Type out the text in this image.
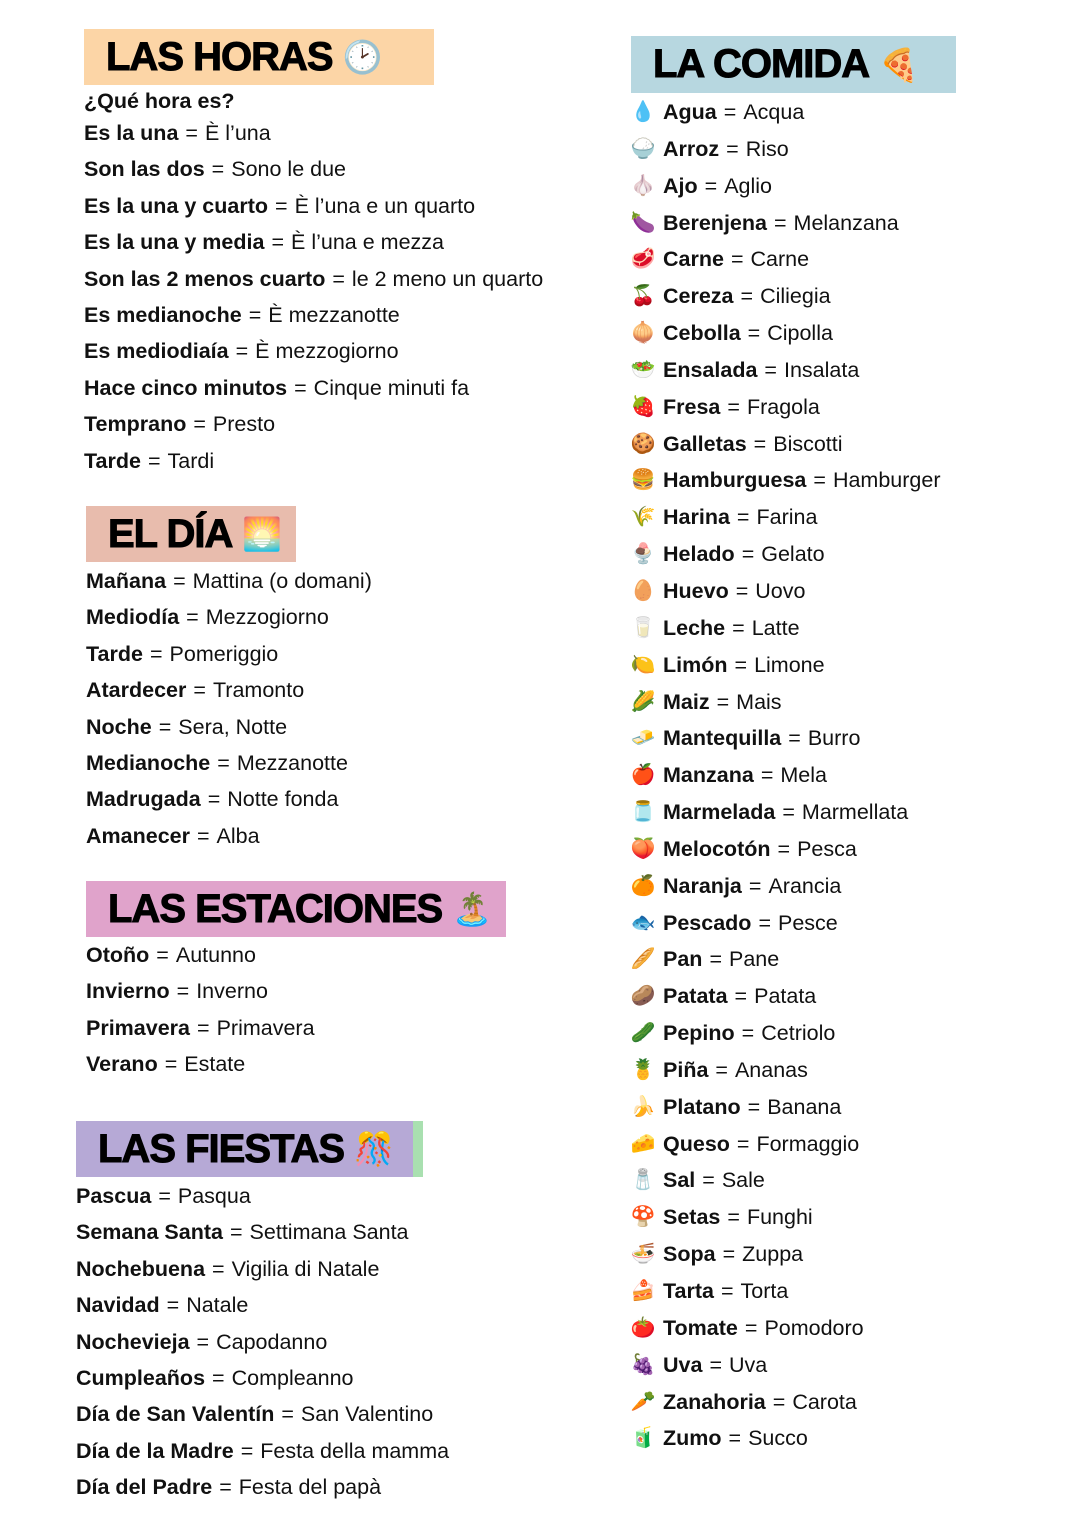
LAS HORAS 🕑
¿Qué hora es?
Es la una = È l’una
Son las dos = Sono le due
Es la una y cuarto = È l’una e un quarto
Es la una y media = È l’una e mezza
Son las 2 menos cuarto = le 2 meno un quarto
Es medianoche = È mezzanotte
Es mediodiaía = È mezzogiorno
Hace cinco minutos = Cinque minuti fa
Temprano = Presto
Tarde = Tardi
EL DÍA 🌅
Mañana = Mattina (o domani)
Mediodía = Mezzogiorno
Tarde = Pomeriggio
Atardecer = Tramonto
Noche = Sera, Notte
Medianoche = Mezzanotte
Madrugada = Notte fonda
Amanecer = Alba
LAS ESTACIONES 🏝️
Otoño = Autunno
Invierno = Inverno
Primavera = Primavera
Verano = Estate
LAS FIESTAS 🎊
Pascua = Pasqua
Semana Santa = Settimana Santa
Nochebuena = Vigilia di Natale
Navidad = Natale
Nochevieja = Capodanno
Cumpleaños = Compleanno
Día de San Valentín = San Valentino
Día de la Madre = Festa della mamma
Día del Padre = Festa del papà
LA COMIDA 🍕
💧 Agua = Acqua
🍚 Arroz = Riso
🧄 Ajo = Aglio
🍆 Berenjena = Melanzana
🥩 Carne = Carne
🍒 Cereza = Ciliegia
🧅 Cebolla = Cipolla
🥗 Ensalada = Insalata
🍓 Fresa = Fragola
🍪 Galletas = Biscotti
🍔 Hamburguesa = Hamburger
🌾 Harina = Farina
🍨 Helado = Gelato
🥚 Huevo = Uovo
🥛 Leche = Latte
🍋 Limón = Limone
🌽 Maiz = Mais
🧈 Mantequilla = Burro
🍎 Manzana = Mela
🫙 Marmelada = Marmellata
🍑 Melocotón = Pesca
🍊 Naranja = Arancia
🐟 Pescado = Pesce
🥖 Pan = Pane
🥔 Patata = Patata
🥒 Pepino = Cetriolo
🍍 Piña = Ananas
🍌 Platano = Banana
🧀 Queso = Formaggio
🧂 Sal = Sale
🍄 Setas = Funghi
🍜 Sopa = Zuppa
🍰 Tarta = Torta
🍅 Tomate = Pomodoro
🍇 Uva = Uva
🥕 Zanahoria = Carota
🧃 Zumo = Succo
